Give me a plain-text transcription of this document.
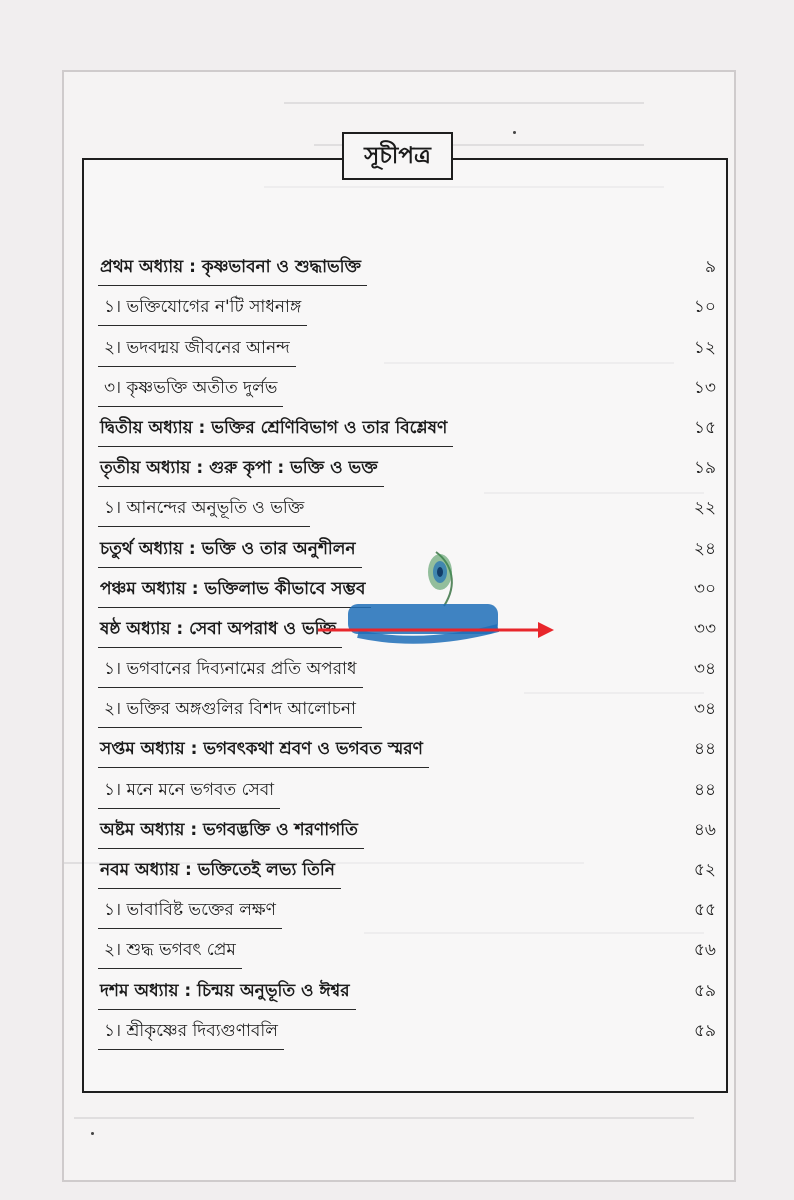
সূচীপত্র
প্রথম অধ্যায় : কৃষ্ণভাবনা ও শুদ্ধাভক্তি	৯
১। ভক্তিযোগের ন'টি সাধনাঙ্গ	১০
২। ভদবদ্ময় জীবনের আনন্দ	১২
৩। কৃষ্ণভক্তি অতীত দুর্লভ	১৩
দ্বিতীয় অধ্যায় : ভক্তির শ্রেণিবিভাগ ও তার বিশ্লেষণ	১৫
তৃতীয় অধ্যায় : গুরু কৃপা : ভক্তি ও ভক্ত	১৯
১। আনন্দের অনুভূতি ও ভক্তি	২২
চতুর্থ অধ্যায় : ভক্তি ও তার অনুশীলন	২৪
পঞ্চম অধ্যায় : ভক্তিলাভ কীভাবে সম্ভব	৩০
ষষ্ঠ অধ্যায় : সেবা অপরাধ ও ভক্তি	৩৩
১। ভগবানের দিব্যনামের প্রতি অপরাধ	৩৪
২। ভক্তির অঙ্গগুলির বিশদ আলোচনা	৩৪
সপ্তম অধ্যায় : ভগবৎকথা শ্রবণ ও ভগবত স্মরণ	৪৪
১। মনে মনে ভগবত সেবা	৪৪
অষ্টম অধ্যায় : ভগবদ্ভক্তি ও শরণাগতি	৪৬
নবম অধ্যায় : ভক্তিতেই লভ্য তিনি	৫২
১। ভাবাবিষ্ট ভক্তের লক্ষণ	৫৫
২। শুদ্ধ ভগবৎ প্রেম	৫৬
দশম অধ্যায় : চিন্ময় অনুভূতি ও ঈশ্বর	৫৯
১। শ্রীকৃষ্ণের দিব্যগুণাবলি	৫৯
